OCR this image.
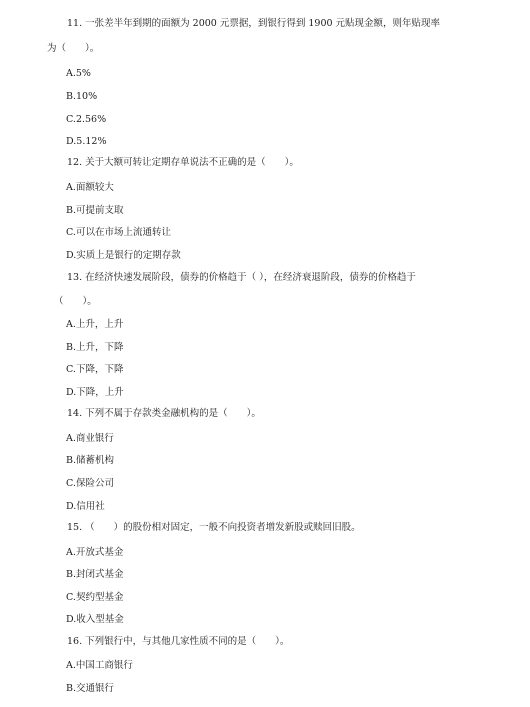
11. 一张差半年到期的面额为 2000 元票据，到银行得到 1900 元贴现金额，则年贴现率
为（　　）。
A.5%
B.10%
C.2.56%
D.5.12%
12. 关于大额可转让定期存单说法不正确的是（　　）。
A.面额较大
B.可提前支取
C.可以在市场上流通转让
D.实质上是银行的定期存款
13. 在经济快速发展阶段，债券的价格趋于（ ），在经济衰退阶段，债券的价格趋于
（　　）。
A.上升，上升
B.上升，下降
C.下降，下降
D.下降，上升
14. 下列不属于存款类金融机构的是（　　）。
A.商业银行
B.储蓄机构
C.保险公司
D.信用社
15. （　　）的股份相对固定，一般不向投资者增发新股或赎回旧股。
A.开放式基金
B.封闭式基金
C.契约型基金
D.收入型基金
16. 下列银行中，与其他几家性质不同的是（　　）。
A.中国工商银行
B.交通银行
